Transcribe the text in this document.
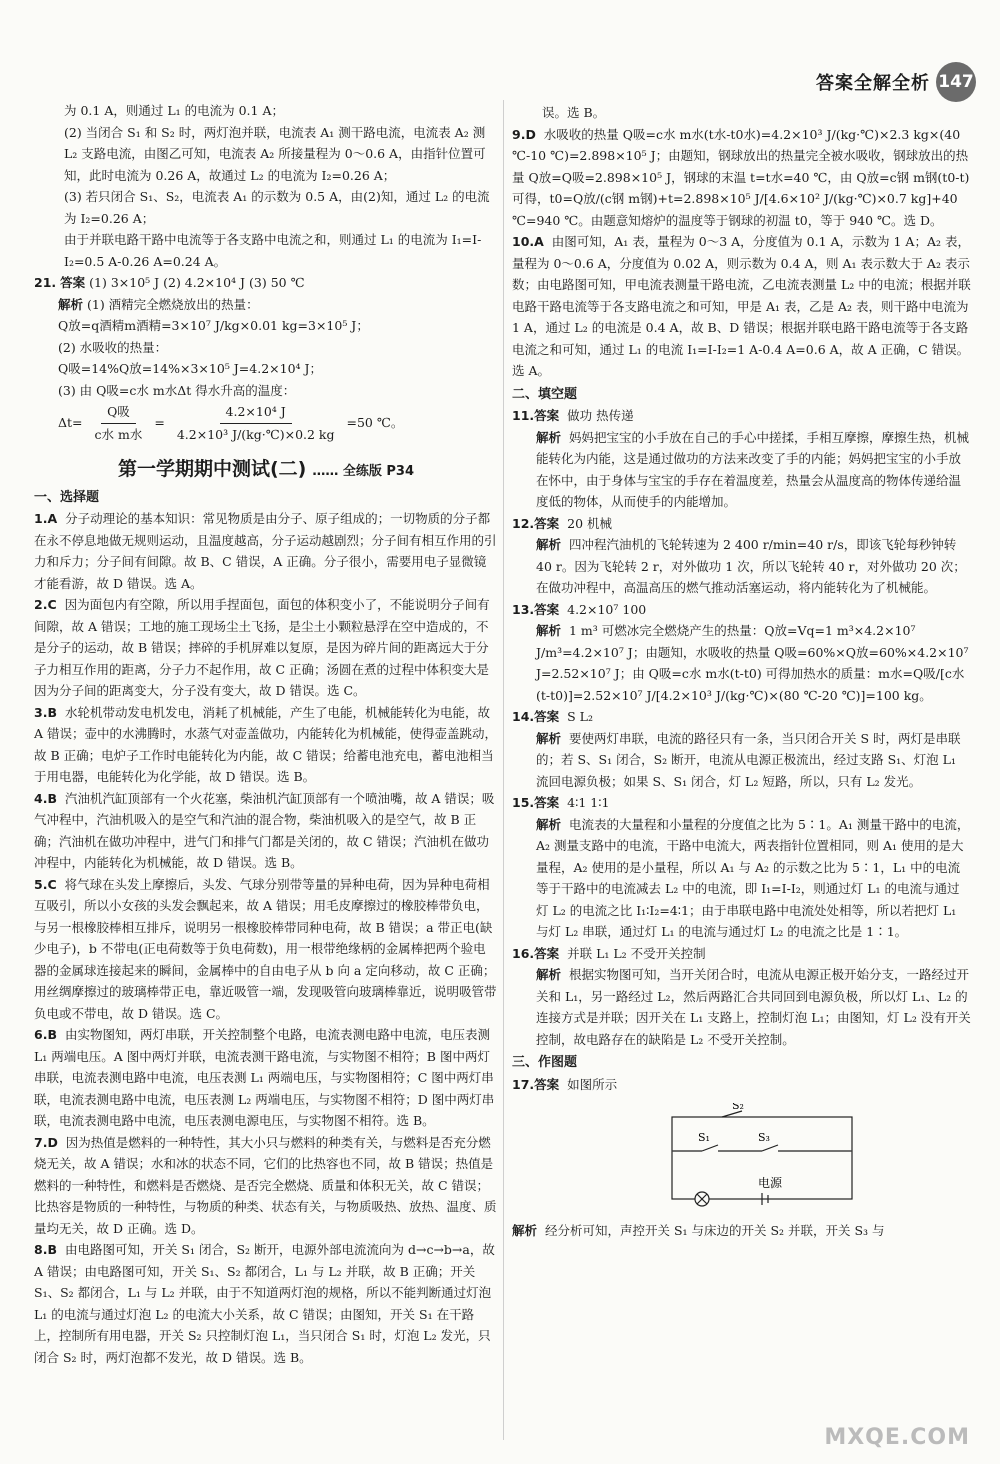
答案全解全析 147

为 0.1 A，则通过 L₁ 的电流为 0.1 A；

(2) 当闭合 S₁ 和 S₂ 时，两灯泡并联，电流表 A₁ 测干路电流，电流表 A₂ 测 L₂ 支路电流，由图乙可知，电流表 A₂ 所接量程为 0～0.6 A，由指针位置可知，此时电流为 0.26 A，故通过 L₂ 的电流为 I₂=0.26 A；

(3) 若只闭合 S₁、S₂，电流表 A₁ 的示数为 0.5 A，由(2)知，通过 L₂ 的电流为 I₂=0.26 A；

由于并联电路干路中电流等于各支路中电流之和，则通过 L₁ 的电流为 I₁=I-I₂=0.5 A-0.26 A=0.24 A。

21. 答案 (1) 3×10⁵ J (2) 4.2×10⁴ J (3) 50 ℃

解析 (1) 酒精完全燃烧放出的热量：

Q放=q酒精m酒精=3×10⁷ J/kg×0.01 kg=3×10⁵ J；

(2) 水吸收的热量：

Q吸=14%Q放=14%×3×10⁵ J=4.2×10⁴ J；

(3) 由 Q吸=c水 m水Δt 得水升高的温度：

$\Delta t= \frac{\text{Q吸}}{\text{c水 m水}} = \frac{\text{4.2×10⁴ J}}{\text{4.2×10³ J/(kg·℃)×0.2 kg}} =50$ ℃。
第一学期期中测试(二) …… 全练版 P34

一、选择题

1.A 分子动理论的基本知识：常见物质是由分子、原子组成的；一切物质的分子都在永不停息地做无规则运动，且温度越高，分子运动越剧烈；分子间有相互作用的引力和斥力；分子间有间隙。故 B、C 错误，A 正确。分子很小，需要用电子显微镜才能看游，故 D 错误。选 A。

2.C 因为面包内有空隙，所以用手捏面包，面包的体积变小了，不能说明分子间有间隙，故 A 错误；工地的施工现场尘土飞扬，是尘土小颗粒悬浮在空中造成的，不是分子的运动，故 B 错误；摔碎的手机屏难以复原，是因为碎片间的距离远大于分子力相互作用的距离，分子力不起作用，故 C 正确；汤圆在煮的过程中体积变大是因为分子间的距离变大，分子没有变大，故 D 错误。选 C。

3.B 水轮机带动发电机发电，消耗了机械能，产生了电能，机械能转化为电能，故 A 错误；壶中的水沸腾时，水蒸气对壶盖做功，内能转化为机械能，使得壶盖跳动，故 B 正确；电炉子工作时电能转化为内能，故 C 错误；给蓄电池充电，蓄电池相当于用电器，电能转化为化学能，故 D 错误。选 B。

4.B 汽油机汽缸顶部有一个火花塞，柴油机汽缸顶部有一个喷油嘴，故 A 错误；吸气冲程中，汽油机吸入的是空气和汽油的混合物，柴油机吸入的是空气，故 B 正确；汽油机在做功冲程中，进气门和排气门都是关闭的，故 C 错误；汽油机在做功冲程中，内能转化为机械能，故 D 错误。选 B。

5.C 将气球在头发上摩擦后，头发、气球分别带等量的异种电荷，因为异种电荷相互吸引，所以小女孩的头发会飘起来，故 A 错误；用毛皮摩擦过的橡胶棒带负电，与另一根橡胶棒相互排斥，说明另一根橡胶棒带同种电荷，故 B 错误；a 带正电(缺少电子)，b 不带电(正电荷数等于负电荷数)，用一根带绝缘柄的金属棒把两个验电器的金属球连接起来的瞬间，金属棒中的自由电子从 b 向 a 定向移动，故 C 正确；用丝绸摩擦过的玻璃棒带正电，靠近吸管一端，发现吸管向玻璃棒靠近，说明吸管带负电或不带电，故 D 错误。选 C。

6.B 由实物图知，两灯串联，开关控制整个电路，电流表测电路中电流，电压表测 L₁ 两端电压。A 图中两灯并联，电流表测干路电流，与实物图不相符；B 图中两灯串联，电流表测电路中电流，电压表测 L₁ 两端电压，与实物图相符；C 图中两灯串联，电流表测电路中电流，电压表测 L₂ 两端电压，与实物图不相符；D 图中两灯串联，电流表测电路中电流，电压表测电源电压，与实物图不相符。选 B。

7.D 因为热值是燃料的一种特性，其大小只与燃料的种类有关，与燃料是否充分燃烧无关，故 A 错误；水和冰的状态不同，它们的比热容也不同，故 B 错误；热值是燃料的一种特性，和燃料是否燃烧、是否完全燃烧、质量和体积无关，故 C 错误；比热容是物质的一种特性，与物质的种类、状态有关，与物质吸热、放热、温度、质量均无关，故 D 正确。选 D。

8.B 由电路图可知，开关 S₁ 闭合，S₂ 断开，电源外部电流流向为 d→c→b→a，故 A 错误；由电路图可知，开关 S₁、S₂ 都闭合，L₁ 与 L₂ 并联，故 B 正确；开关 S₁、S₂ 都闭合，L₁ 与 L₂ 并联，由于不知道两灯泡的规格，所以不能判断通过灯泡 L₁ 的电流与通过灯泡 L₂ 的电流大小关系，故 C 错误；由图知，开关 S₁ 在干路上，控制所有用电器，开关 S₂ 只控制灯泡 L₁，当只闭合 S₁ 时，灯泡 L₂ 发光，只闭合 S₂ 时，两灯泡都不发光，故 D 错误。选 B。

误。选 B。

9.D 水吸收的热量 Q吸=c水 m水(t水-t0水)=4.2×10³ J/(kg·℃)×2.3 kg×(40 ℃-10 ℃)=2.898×10⁵ J；由题知，钢球放出的热量完全被水吸收，钢球放出的热量 Q放=Q吸=2.898×10⁵ J，钢球的末温 t=t水=40 ℃，由 Q放=c钢 m钢(t0-t) 可得，t0=Q放/(c钢 m钢)+t=2.898×10⁵ J/[4.6×10² J/(kg·℃)×0.7 kg]+40 ℃=940 ℃。由题意知熔炉的温度等于钢球的初温 t0，等于 940 ℃。选 D。

10.A 由图可知，A₁ 表，量程为 0～3 A，分度值为 0.1 A，示数为 1 A；A₂ 表，量程为 0～0.6 A，分度值为 0.02 A，则示数为 0.4 A，则 A₁ 表示数大于 A₂ 表示数；由电路图可知，甲电流表测量干路电流，乙电流表测量 L₂ 中的电流；根据并联电路干路电流等于各支路电流之和可知，甲是 A₁ 表，乙是 A₂ 表，则干路中电流为 1 A，通过 L₂ 的电流是 0.4 A，故 B、D 错误；根据并联电路干路电流等于各支路电流之和可知，通过 L₁ 的电流 I₁=I-I₂=1 A-0.4 A=0.6 A，故 A 正确，C 错误。选 A。

二、填空题

11.答案 做功 热传递

解析 妈妈把宝宝的小手放在自己的手心中搓揉，手相互摩擦，摩擦生热，机械能转化为内能，这是通过做功的方法来改变了手的内能；妈妈把宝宝的小手放在怀中，由于身体与宝宝的手存在着温度差，热量会从温度高的物体传递给温度低的物体，从而使手的内能增加。

12.答案 20 机械

解析 四冲程汽油机的飞轮转速为 2 400 r/min=40 r/s，即该飞轮每秒钟转 40 r。因为飞轮转 2 r，对外做功 1 次，所以飞轮转 40 r，对外做功 20 次；在做功冲程中，高温高压的燃气推动活塞运动，将内能转化为了机械能。

13.答案 4.2×10⁷ 100

解析 1 m³ 可燃冰完全燃烧产生的热量：Q放=Vq=1 m³×4.2×10⁷ J/m³=4.2×10⁷ J；由题知，水吸收的热量 Q吸=60%×Q放=60%×4.2×10⁷ J=2.52×10⁷ J；由 Q吸=c水 m水(t-t0) 可得加热水的质量：m水=Q吸/[c水(t-t0)]=2.52×10⁷ J/[4.2×10³ J/(kg·℃)×(80 ℃-20 ℃)]=100 kg。

14.答案 S L₂

解析 要使两灯串联，电流的路径只有一条，当只闭合开关 S 时，两灯是串联的；若 S、S₁ 闭合，S₂ 断开，电流从电源正极流出，经过支路 S₁、灯泡 L₁ 流回电源负极；如果 S、S₁ 闭合，灯 L₂ 短路，所以，只有 L₂ 发光。

15.答案 4∶1 1∶1

解析 电流表的大量程和小量程的分度值之比为 5∶1。A₁ 测量干路中的电流，A₂ 测量支路中的电流，干路中电流大，两表指针位置相同，则 A₁ 使用的是大量程，A₂ 使用的是小量程，所以 A₁ 与 A₂ 的示数之比为 5∶1，L₁ 中的电流等于干路中的电流减去 L₂ 中的电流，即 I₁=I-I₂，则通过灯 L₁ 的电流与通过灯 L₂ 的电流之比 I₁∶I₂=4∶1；由于串联电路中电流处处相等，所以若把灯 L₁ 与灯 L₂ 串联，通过灯 L₁ 的电流与通过灯 L₂ 的电流之比是 1∶1。

16.答案 并联 L₁ L₂ 不受开关控制

解析 根据实物图可知，当开关闭合时，电流从电源正极开始分支，一路经过开关和 L₁，另一路经过 L₂，然后两路汇合共同回到电源负极，所以灯 L₁、L₂ 的连接方式是并联；因开关在 L₁ 支路上，控制灯泡 L₁；由图知，灯 L₂ 没有开关控制，故电路存在的缺陷是 L₂ 不受开关控制。

三、作图题

17.答案 如图所示

S₂
S₁	S₃
电源

解析 经分析可知，声控开关 S₁ 与床边的开关 S₂ 并联，开关 S₃ 与

MXQE.COM
